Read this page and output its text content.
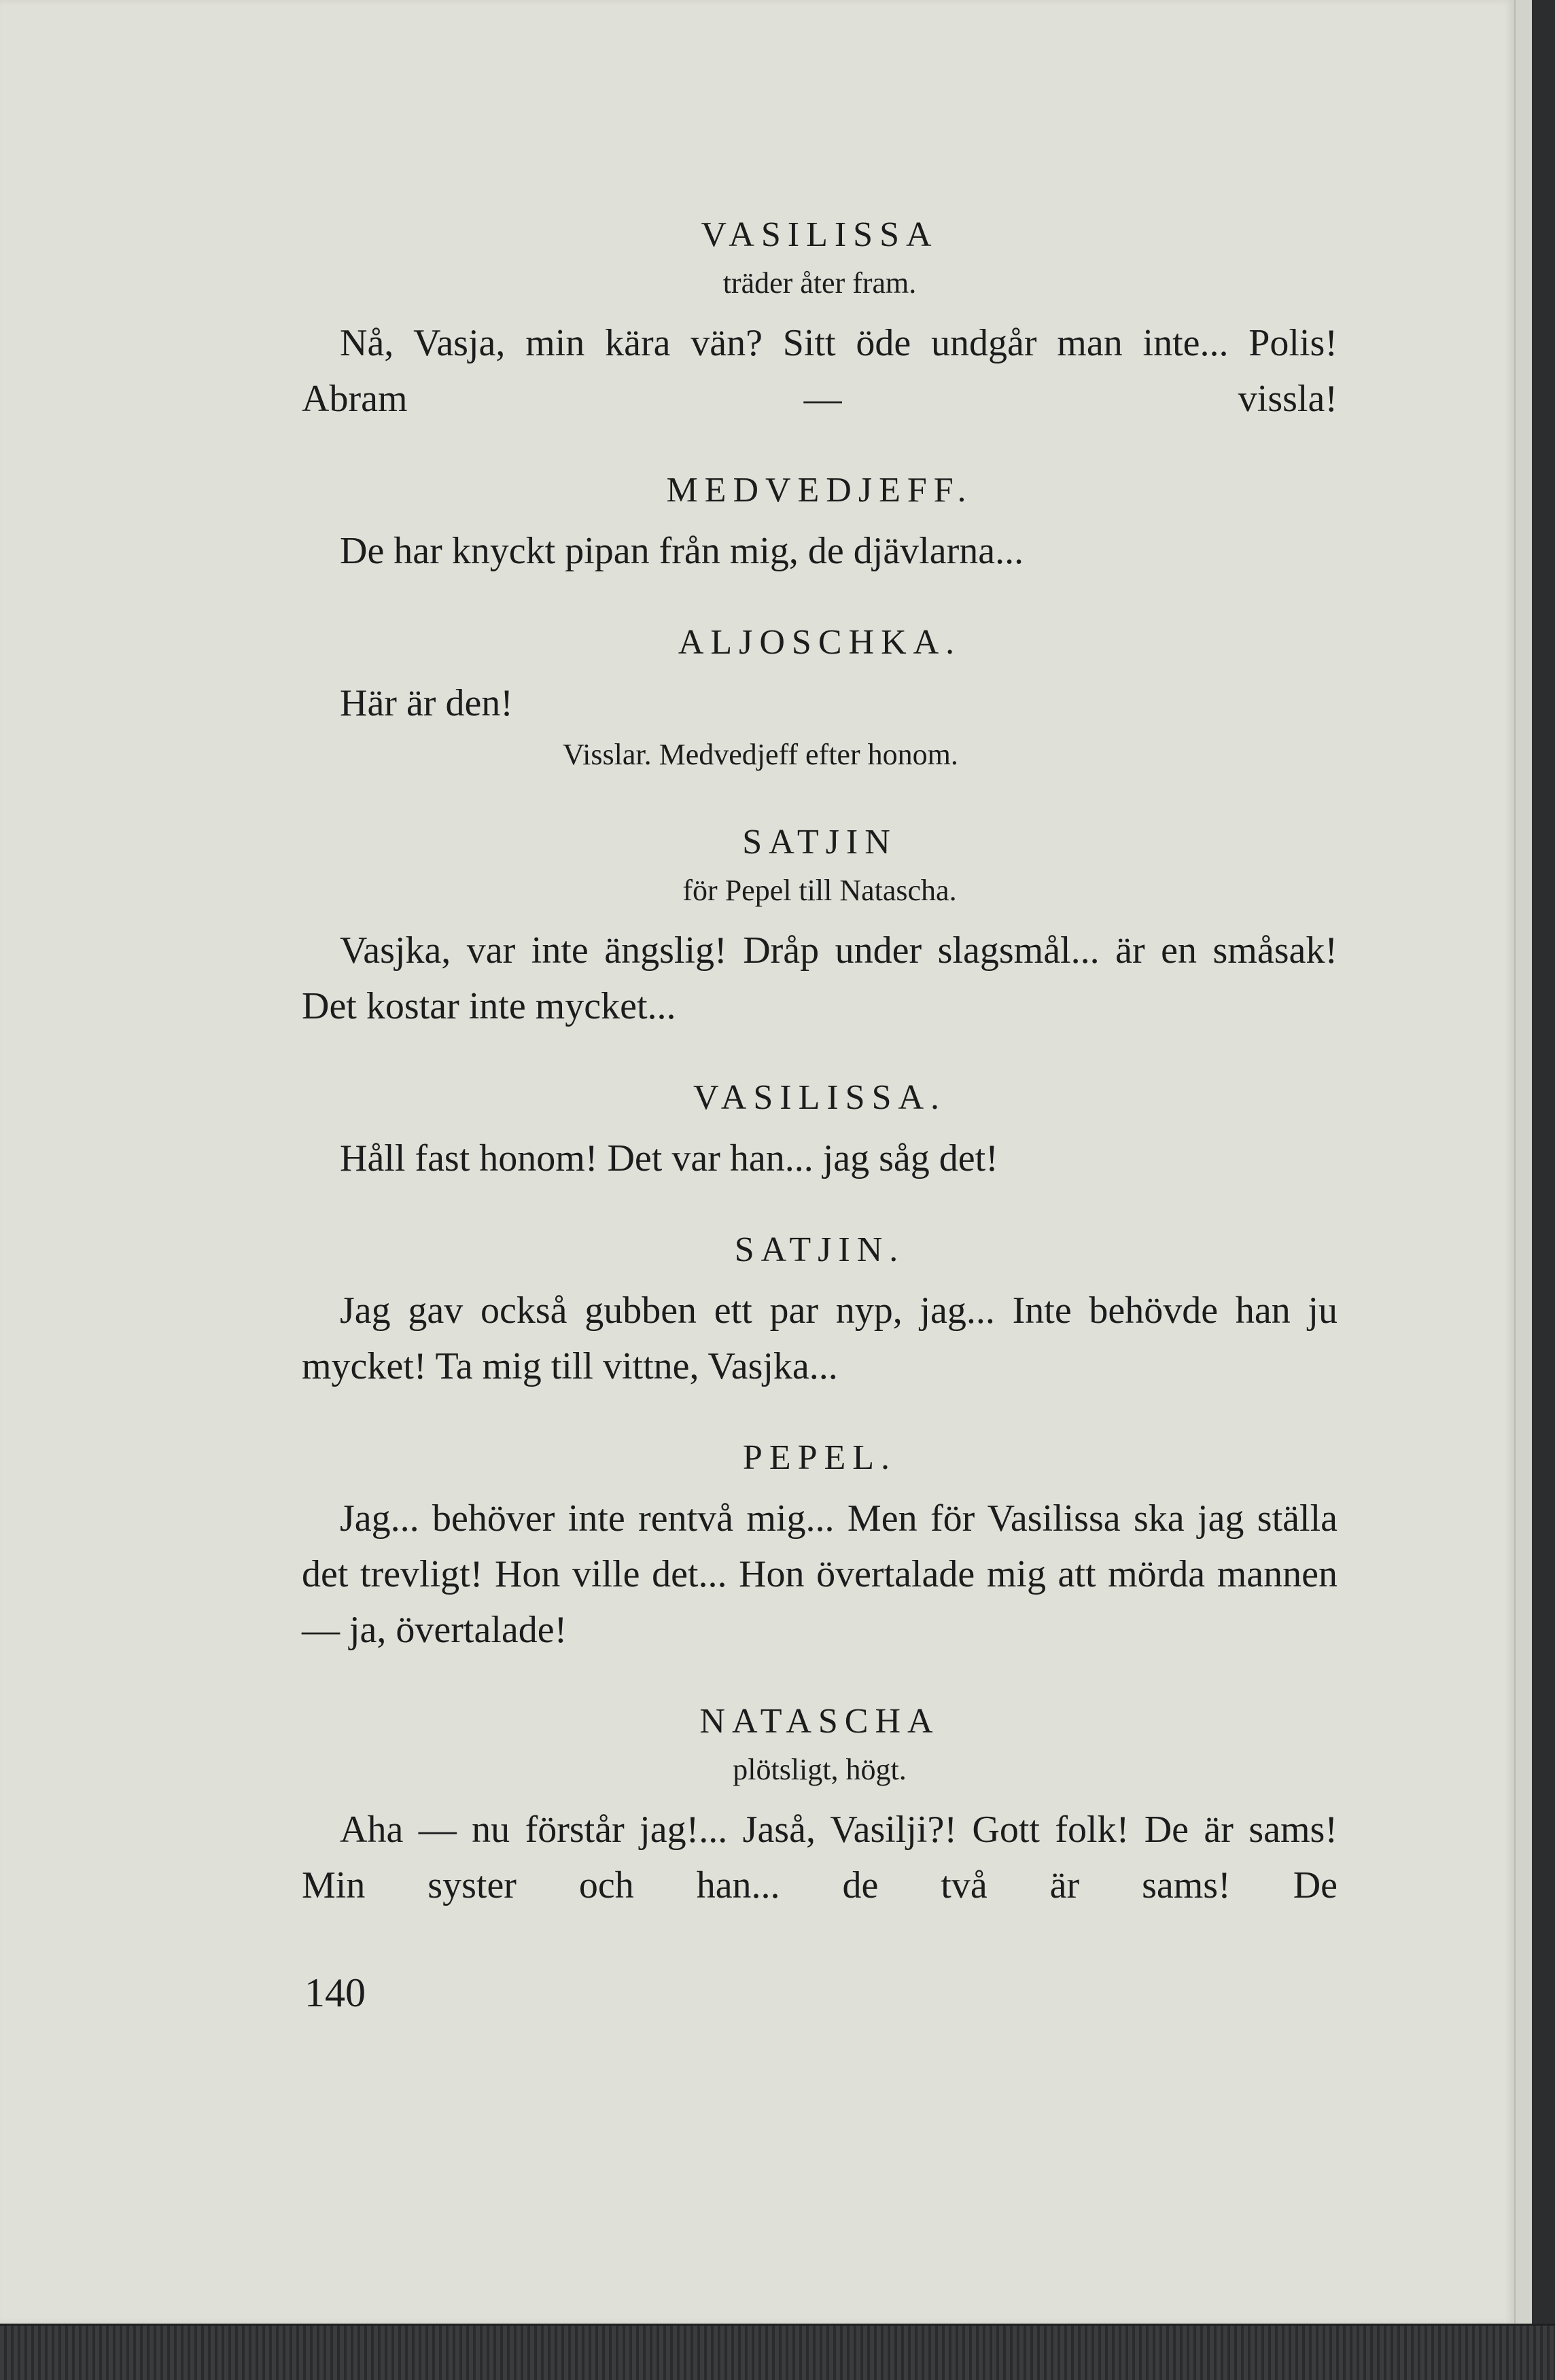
VASILISSA
träder åter fram.
Nå, Vasja, min kära vän? Sitt öde undgår man inte... Polis! Abram — vissla!
MEDVEDJEFF.
De har knyckt pipan från mig, de djävlarna...
ALJOSCHKA.
Här är den!
Visslar. Medvedjeff efter honom.
SATJIN
för Pepel till Natascha.
Vasjka, var inte ängslig! Dråp under slagsmål... är en småsak! Det kostar inte mycket...
VASILISSA.
Håll fast honom! Det var han... jag såg det!
SATJIN.
Jag gav också gubben ett par nyp, jag... Inte behövde han ju mycket! Ta mig till vittne, Vasjka...
PEPEL.
Jag... behöver inte rentvå mig... Men för Vasilissa ska jag ställa det trevligt! Hon ville det... Hon övertalade mig att mörda mannen — ja, övertalade!
NATASCHA
plötsligt, högt.
Aha — nu förstår jag!... Jaså, Vasilji?! Gott folk! De är sams! Min syster och han... de två är sams! De
140
